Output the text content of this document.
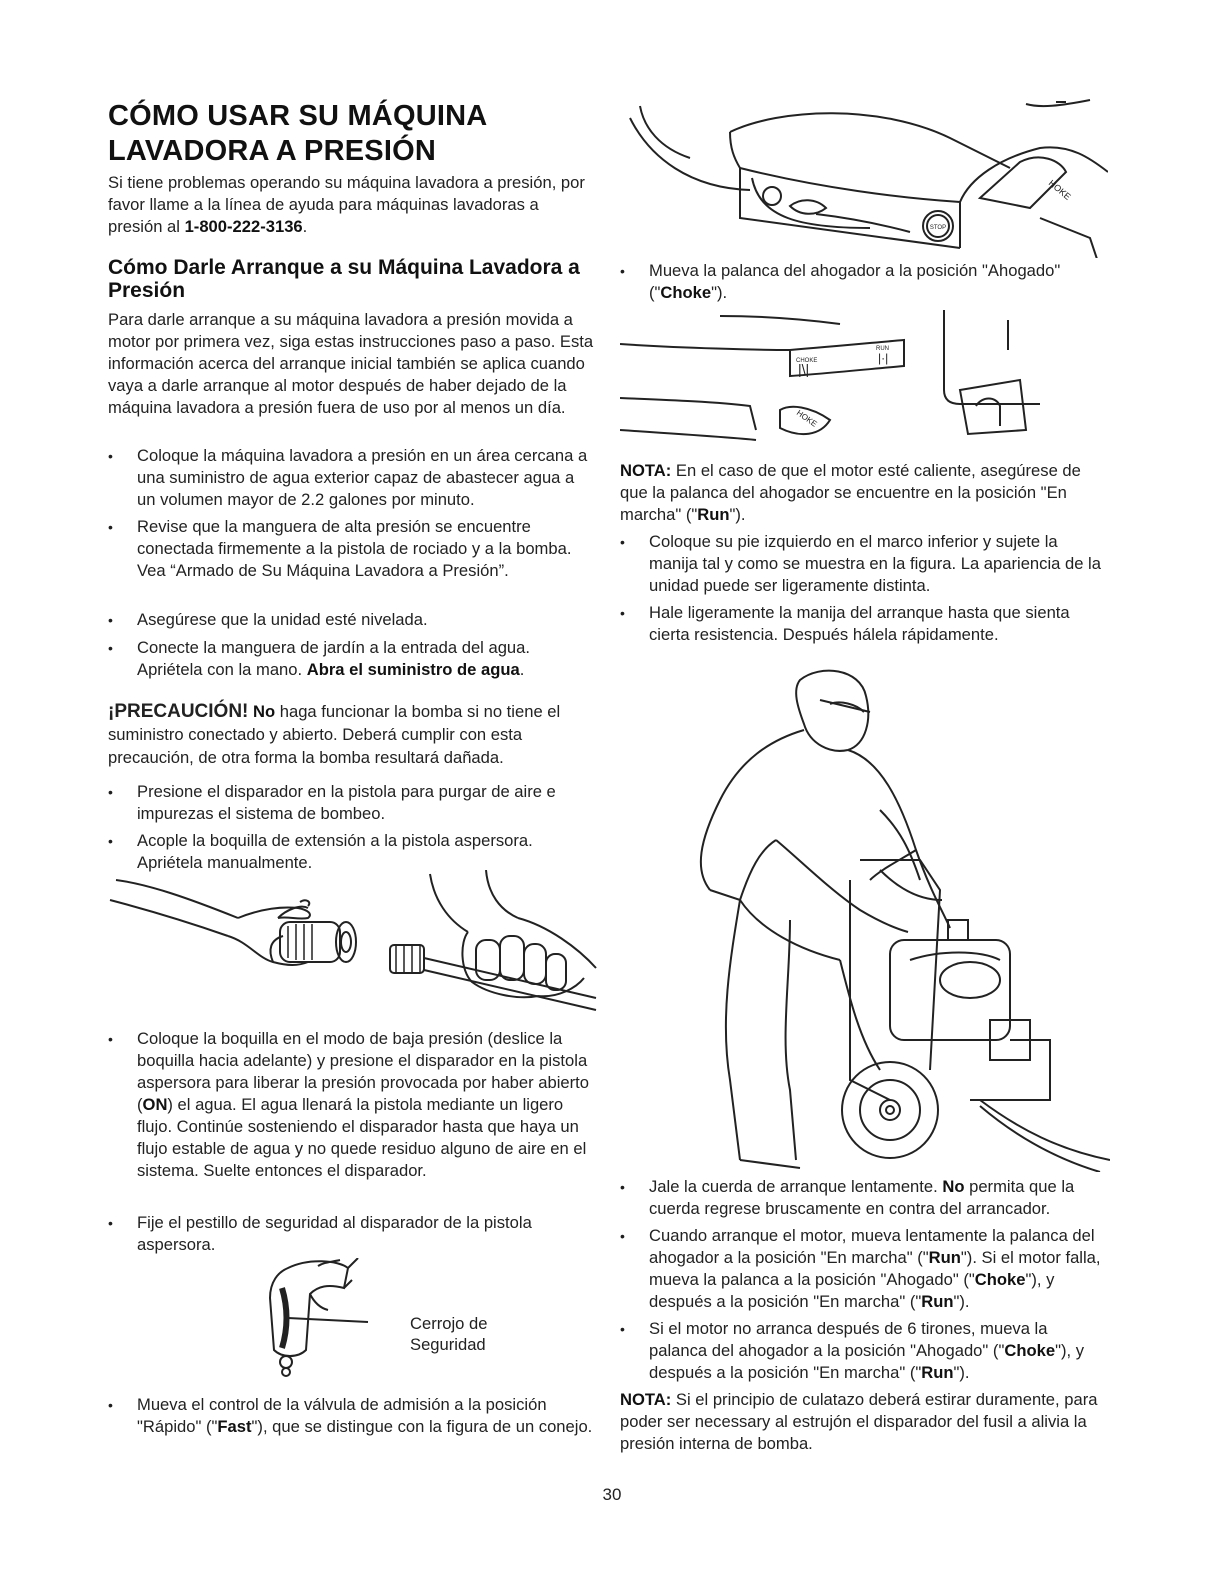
CÓMO USAR SU MÁQUINA
LAVADORA A PRESIÓN

Si tiene problemas operando su máquina lavadora a presión, por favor llame a la línea de ayuda para máquinas lavadoras a presión al 1-800-222-3136.

Cómo Darle Arranque a su Máquina Lavadora a Presión

Para darle arranque a su máquina lavadora a presión movida a motor por primera vez, siga estas instrucciones paso a paso. Esta información acerca del arranque inicial también se aplica cuando vaya a darle arranque al motor después de haber dejado de la máquina lavadora a presión fuera de uso por al menos un día.

• Coloque la máquina lavadora a presión en un área cercana a una suministro de agua exterior capaz de abastecer agua a un volumen mayor de 2.2 galones por minuto.
• Revise que la manguera de alta presión se encuentre conectada firmemente a la pistola de rociado y a la bomba. Vea “Armado de Su Máquina Lavadora a Presión”.
• Asegúrese que la unidad esté nivelada.
• Conecte la manguera de jardín a la entrada del agua. Apriétela con la mano. Abra el suministro de agua.

¡PRECAUCIÓN! No haga funcionar la bomba si no tiene el suministro conectado y abierto. Deberá cumplir con esta precaución, de otra forma la bomba resultará dañada.

• Presione el disparador en la pistola para purgar de aire e impurezas el sistema de bombeo.
• Acople la boquilla de extensión a la pistola aspersora. Apriétela manualmente.
• Coloque la boquilla en el modo de baja presión (deslice la boquilla hacia adelante) y presione el disparador en la pistola aspersora para liberar la presión provocada por haber abierto (ON) el agua. El agua llenará la pistola mediante un ligero flujo. Continúe sosteniendo el disparador hasta que haya un flujo estable de agua y no quede residuo alguno de aire en el sistema. Suelte entonces el disparador.
• Fije el pestillo de seguridad al disparador de la pistola aspersora.
Cerrojo de
Seguridad
• Mueva el control de la válvula de admisión a la posición "Rápido" ("Fast"), que se distingue con la figura de un conejo.
STOP
HOKE
• Mueva la palanca del ahogador a la posición "Ahogado" ("Choke").
CHOKE
|\|
RUN
|·|
HOKE

NOTA: En el caso de que el motor esté caliente, asegúrese de que la palanca del ahogador se encuentre en la posición "En marcha" ("Run").

• Coloque su pie izquierdo en el marco inferior y sujete la manija tal y como se muestra en la figura. La apariencia de la unidad puede ser ligeramente distinta.
• Hale ligeramente la manija del arranque hasta que sienta cierta resistencia. Después hálela rápidamente.
• Jale la cuerda de arranque lentamente. No permita que la cuerda regrese bruscamente en contra del arrancador.
• Cuando arranque el motor, mueva lentamente la palanca del ahogador a la posición "En marcha" ("Run"). Si el motor falla, mueva la palanca a la posición "Ahogado" ("Choke"), y después a la posición "En marcha" ("Run").
• Si el motor no arranca después de 6 tirones, mueva la palanca del ahogador a la posición "Ahogado" ("Choke"), y después a la posición "En marcha" ("Run").

NOTA: Si el principio de culatazo deberá estirar duramente, para poder ser necessary al estrujón el disparador del fusil a alivia la presión interna de bomba.

30
